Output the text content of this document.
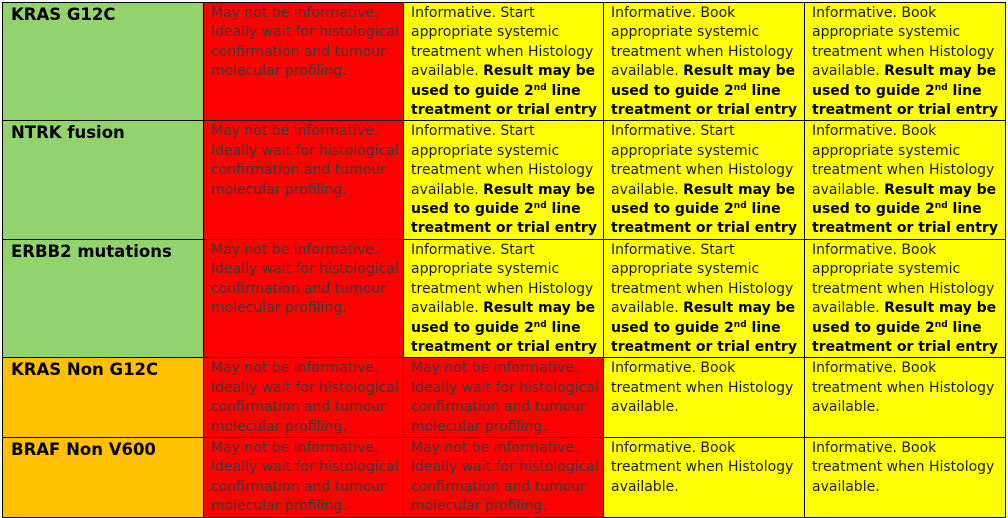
KRAS G12C	May not be informative. Ideally wait for histological confirmation and tumour molecular profiling.	Informative. Start appropriate systemic treatment when Histology available. Result may be used to guide 2nd line treatment or trial entry	Informative. Book appropriate systemic treatment when Histology available. Result may be used to guide 2nd line treatment or trial entry	Informative. Book appropriate systemic treatment when Histology available. Result may be used to guide 2nd line treatment or trial entry
NTRK fusion	May not be informative. Ideally wait for histological confirmation and tumour molecular profiling.	Informative. Start appropriate systemic treatment when Histology available. Result may be used to guide 2nd line treatment or trial entry	Informative. Start appropriate systemic treatment when Histology available. Result may be used to guide 2nd line treatment or trial entry	Informative. Book appropriate systemic treatment when Histology available. Result may be used to guide 2nd line treatment or trial entry
ERBB2 mutations	May not be informative. Ideally wait for histological confirmation and tumour molecular profiling.	Informative. Start appropriate systemic treatment when Histology available. Result may be used to guide 2nd line treatment or trial entry	Informative. Start appropriate systemic treatment when Histology available. Result may be used to guide 2nd line treatment or trial entry	Informative. Book appropriate systemic treatment when Histology available. Result may be used to guide 2nd line treatment or trial entry
KRAS Non G12C	May not be informative. Ideally wait for histological confirmation and tumour molecular profiling.	May not be informative. Ideally wait for histological confirmation and tumour molecular profiling.	Informative. Book treatment when Histology available.	Informative. Book treatment when Histology available.
BRAF Non V600	May not be informative. Ideally wait for histological confirmation and tumour molecular profiling.	May not be informative. Ideally wait for histological confirmation and tumour molecular profiling.	Informative. Book treatment when Histology available.	Informative. Book treatment when Histology available.
